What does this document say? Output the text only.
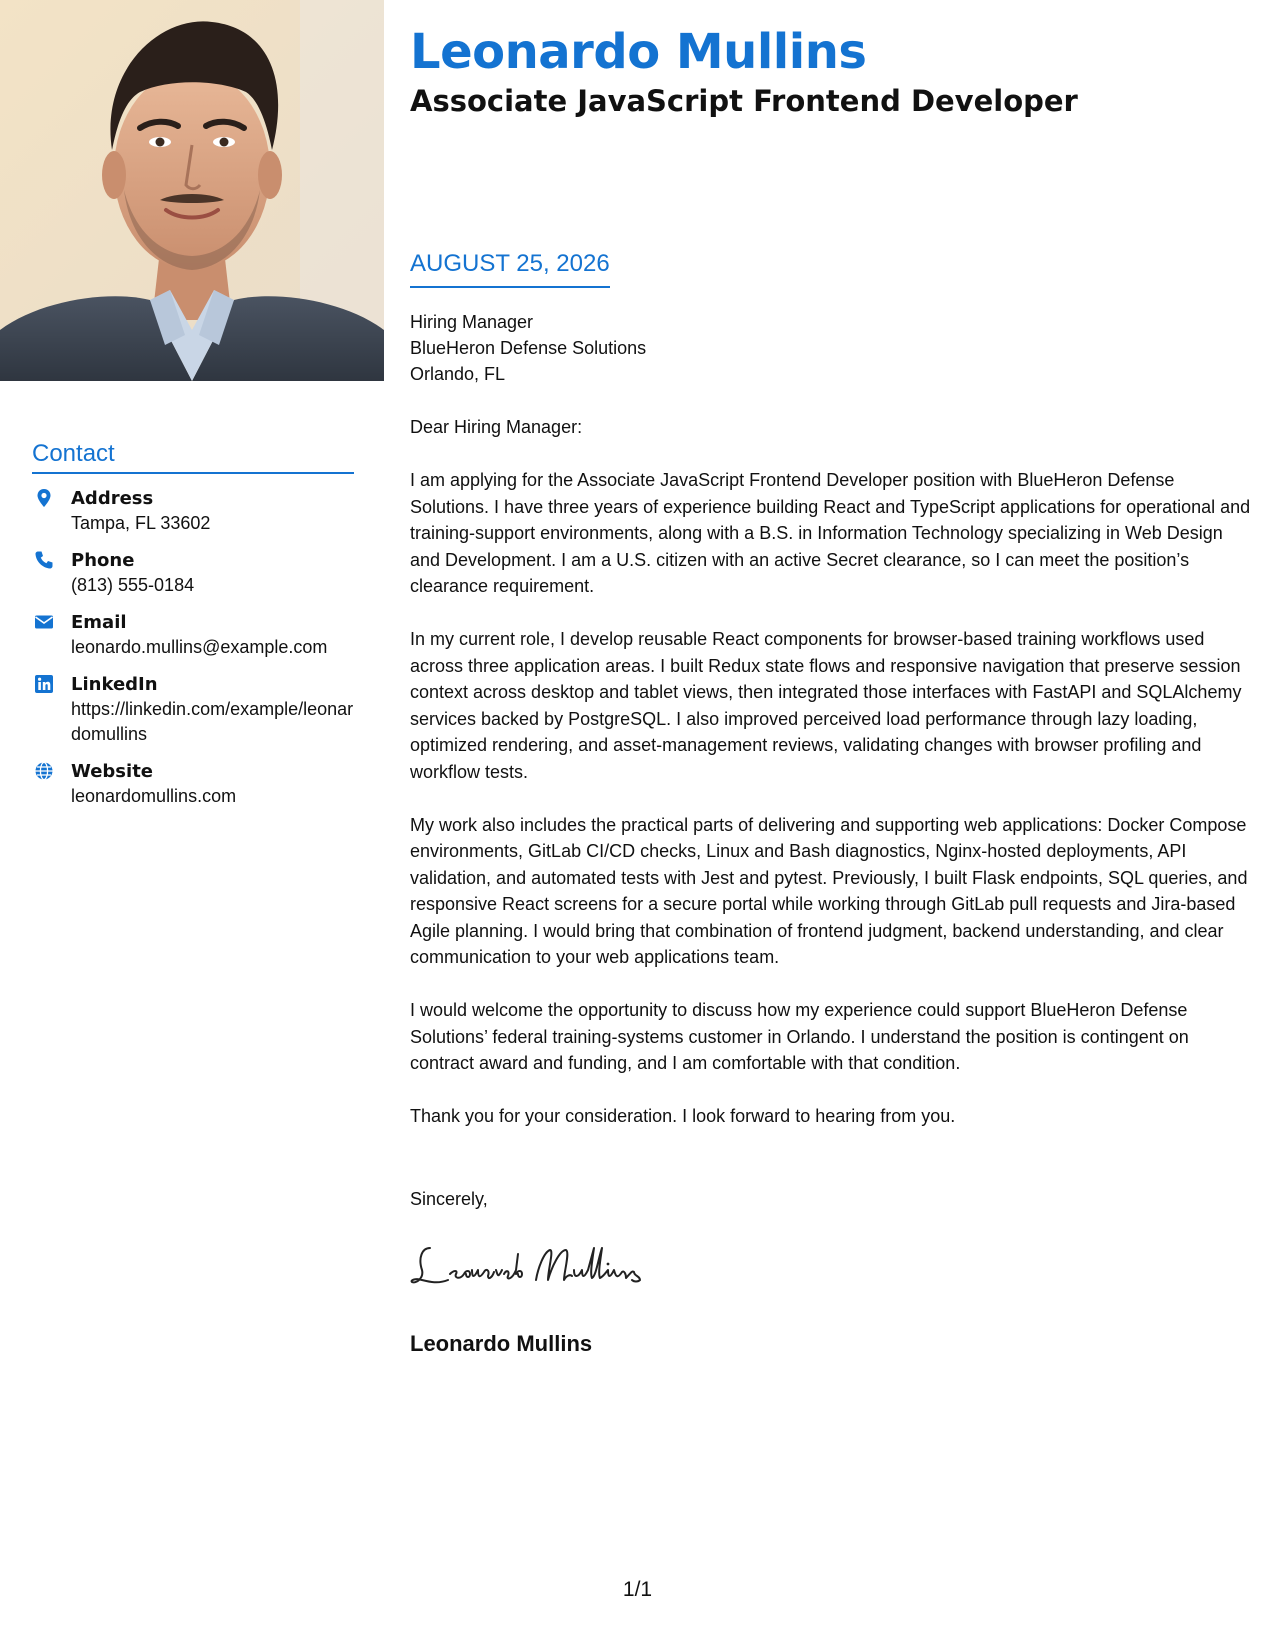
Leonardo Mullins
Associate JavaScript Frontend Developer
AUGUST 25, 2026
Hiring Manager
BlueHeron Defense Solutions
Orlando, FL
Dear Hiring Manager:

I am applying for the Associate JavaScript Frontend Developer position with BlueHeron Defense Solutions. I have three years of experience building React and TypeScript applications for operational and training-support environments, along with a B.S. in Information Technology specializing in Web Design and Development. I am a U.S. citizen with an active Secret clearance, so I can meet the position’s clearance requirement.

In my current role, I develop reusable React components for browser-based training workflows used across three application areas. I built Redux state flows and responsive navigation that preserve session context across desktop and tablet views, then integrated those interfaces with FastAPI and SQLAlchemy services backed by PostgreSQL. I also improved perceived load performance through lazy loading, optimized rendering, and asset-management reviews, validating changes with browser profiling and workflow tests.

My work also includes the practical parts of delivering and supporting web applications: Docker Compose environments, GitLab CI/CD checks, Linux and Bash diagnostics, Nginx-hosted deployments, API validation, and automated tests with Jest and pytest. Previously, I built Flask endpoints, SQL queries, and responsive React screens for a secure portal while working through GitLab pull requests and Jira-based Agile planning. I would bring that combination of frontend judgment, backend understanding, and clear communication to your web applications team.

I would welcome the opportunity to discuss how my experience could support BlueHeron Defense Solutions’ federal training-systems customer in Orlando. I understand the position is contingent on contract award and funding, and I am comfortable with that condition.

Thank you for your consideration. I look forward to hearing from you.

Sincerely,
Leonardo Mullins
Contact
Address
Tampa, FL 33602
Phone
(813) 555-0184
Email
leonardo.mullins@example.com
LinkedIn
https://linkedin.com/example/leonardomullins
Website
leonardomullins.com
1/1
